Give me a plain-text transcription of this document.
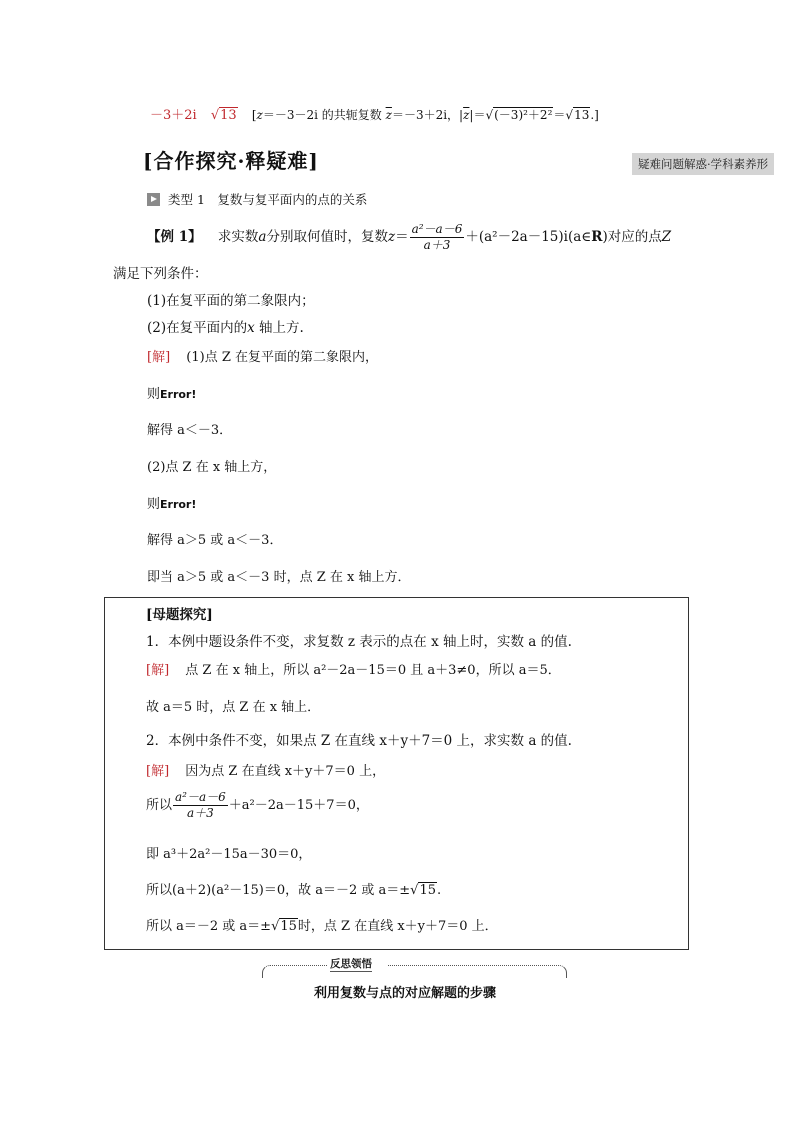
－3＋2i √13 [z＝－3－2i 的共轭复数 $\overline{z}=-3+2i$，$|\overline{z}|=√(-3)^2+2^2=√13$.]
[合作探究·释疑难]	疑难问题解惑·学科素养形
类型 1　复数与复平面内的点的关系
【例 1】 求实数a分别取何值时，复数$z= \frac{\text{a²－a－6}}{a+3}$ ＋(a²－2a－15)i(a∈R)对应的点Z
满足下列条件：
(1)在复平面的第二象限内；
(2)在复平面内的x 轴上方.
[解] (1)点 Z 在复平面的第二象限内，
则Error!
解得 a＜－3．
(2)点 Z 在 x 轴上方，
则Error!
解得 a＞5 或 a＜－3．
即当 a＞5 或 a＜－3 时，点 Z 在 x 轴上方．
[母题探究]
1．本例中题设条件不变，求复数 z 表示的点在 x 轴上时，实数 a 的值.
[解] 点 Z 在 x 轴上，所以 a²－2a－15＝0 且 a＋3≠0，所以 a＝5．
故 a＝5 时，点 Z 在 x 轴上．
2．本例中条件不变，如果点 Z 在直线 x＋y＋7＝0 上，求实数 a 的值.
[解] 因为点 Z 在直线 x＋y＋7＝0 上，
所以 $\frac{\text{a²－a－6}}{a+3} +a^2-2a-15+7=0$，
即 a³＋2a²－15a－30＝0，
所以(a＋2)(a²－15)＝0，故 a＝－2 或 a＝±√15.
所以 a＝－2 或 a＝±√15时，点 Z 在直线 x＋y＋7＝0 上．
反思领悟
利用复数与点的对应解题的步骤
